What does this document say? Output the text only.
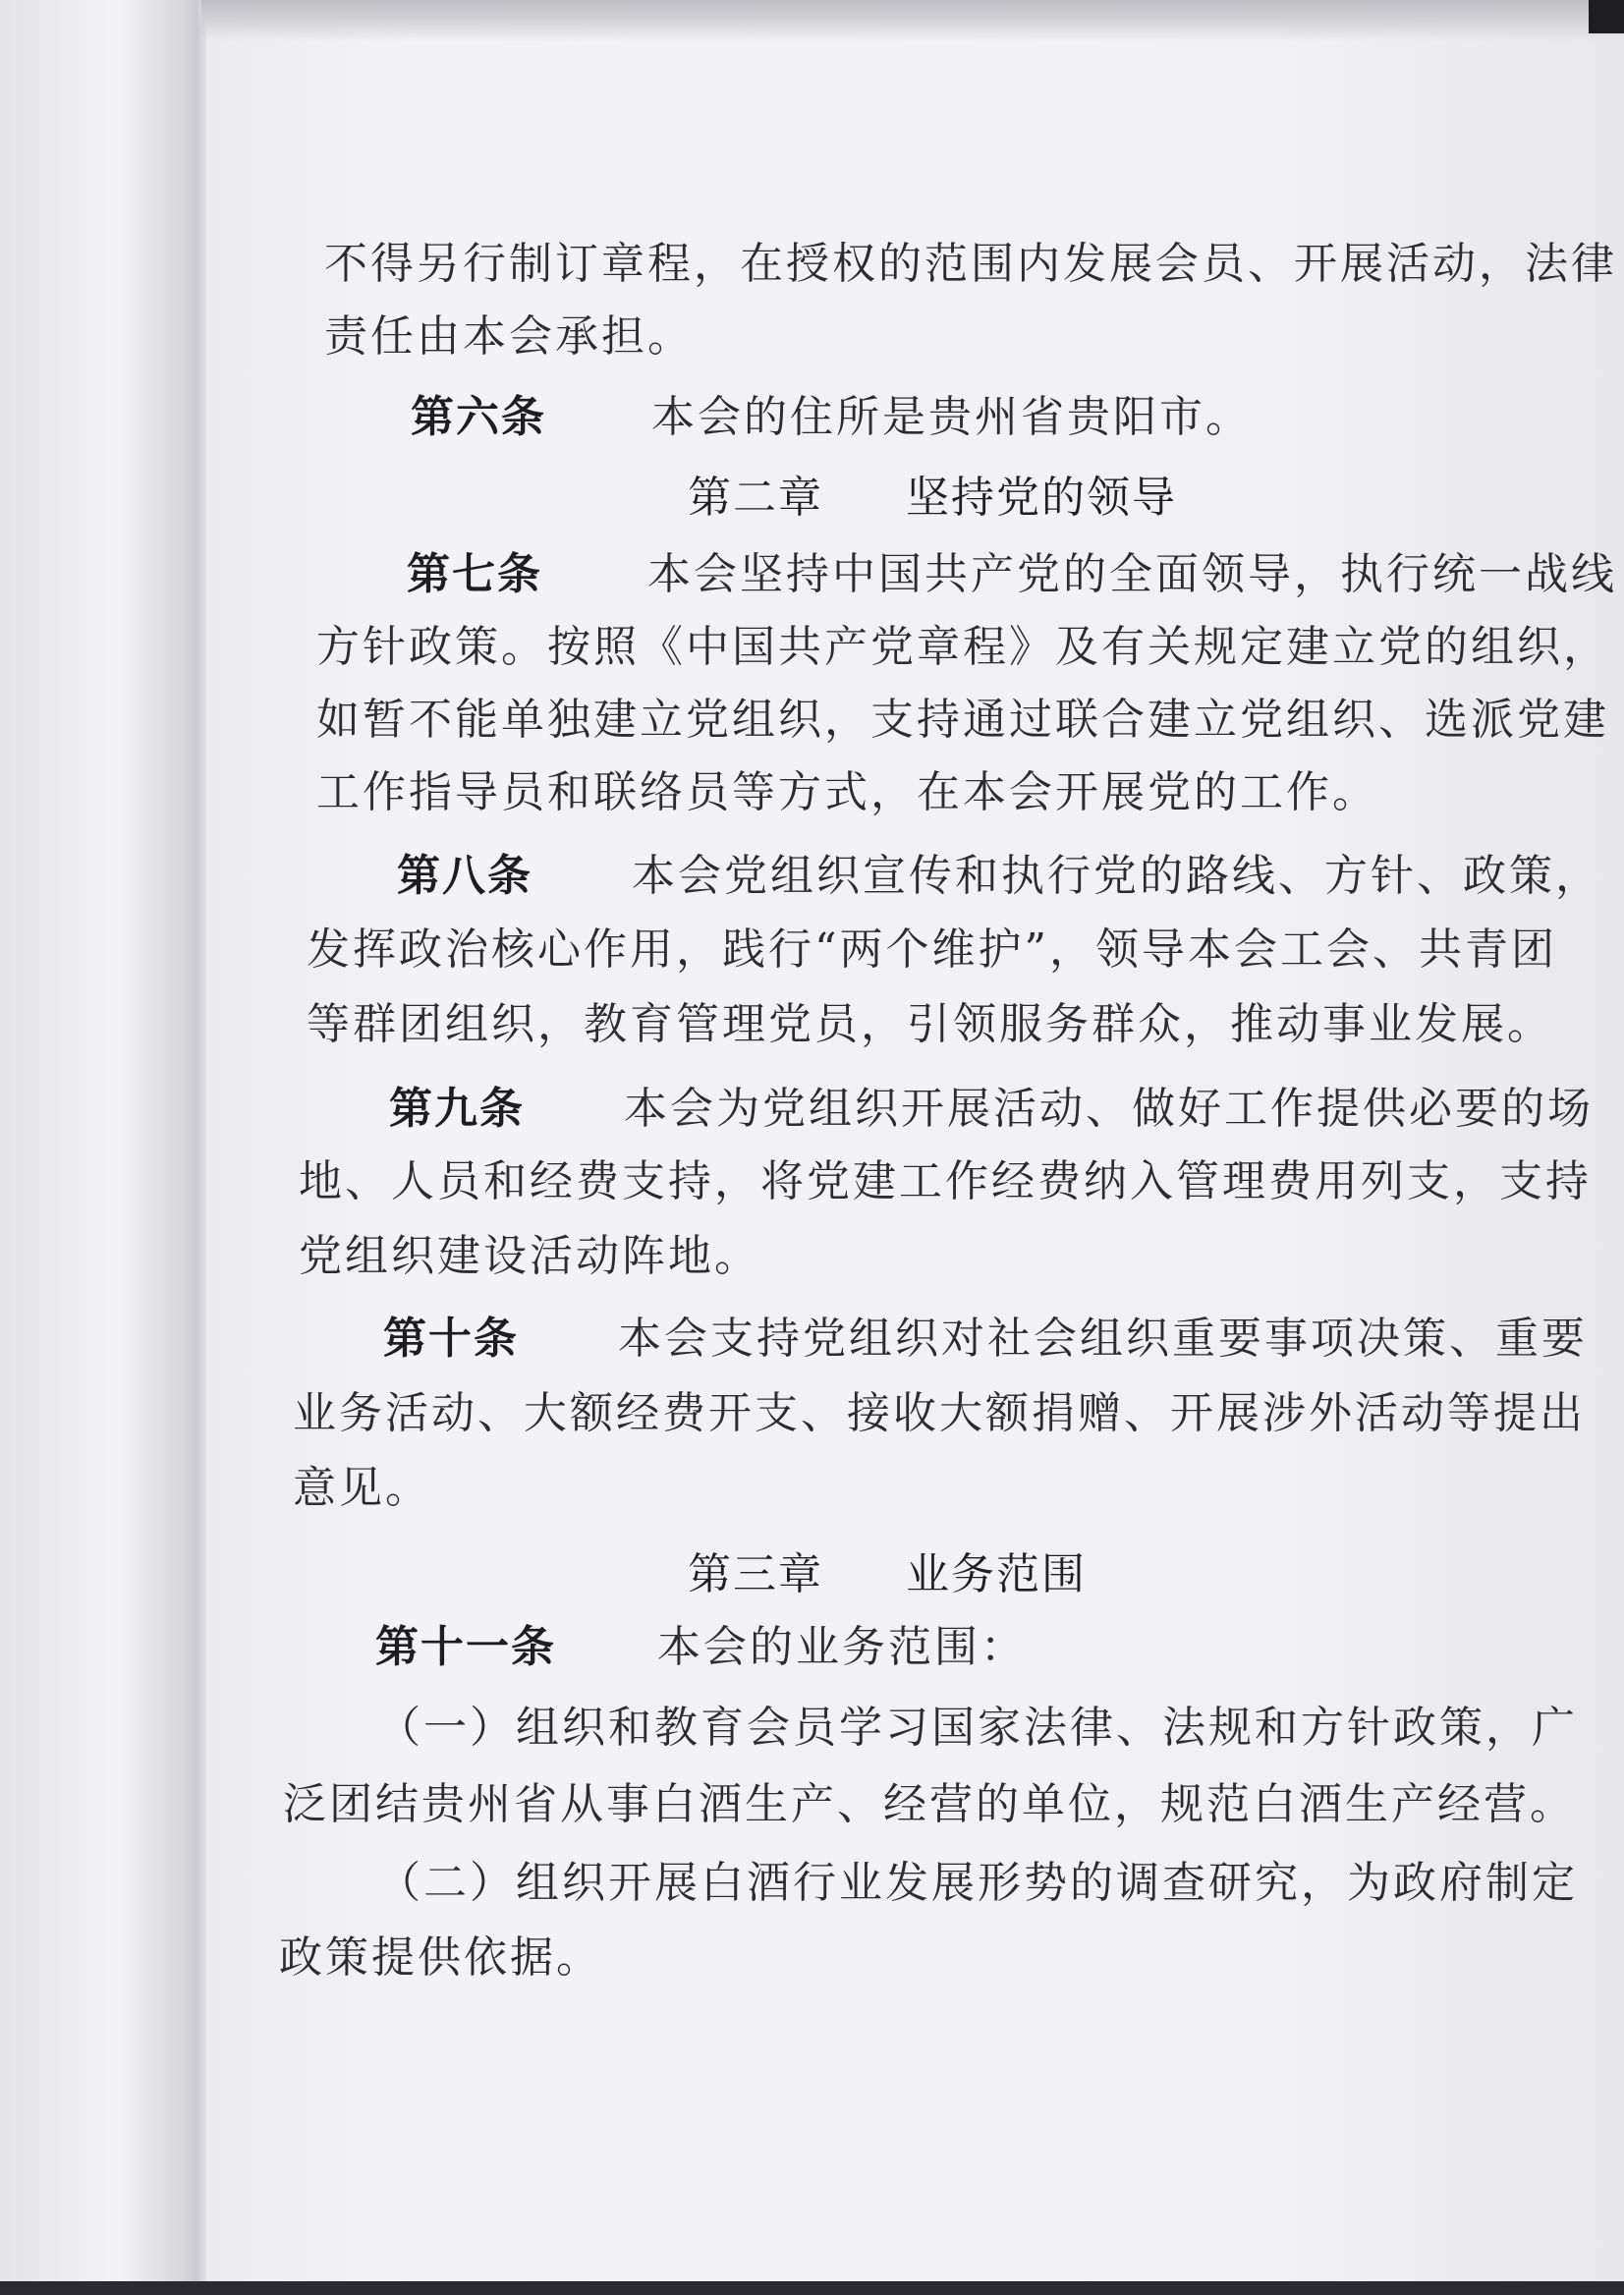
不得另行制订章程，在授权的范围内发展会员、开展活动，法律
责任由本会承担。
第六条 本会的住所是贵州省贵阳市。
第二章 坚持党的领导
第七条 本会坚持中国共产党的全面领导，执行统一战线
方针政策。按照《中国共产党章程》及有关规定建立党的组织，
如暂不能单独建立党组织，支持通过联合建立党组织、选派党建
工作指导员和联络员等方式，在本会开展党的工作。
第八条 本会党组织宣传和执行党的路线、方针、政策，
发挥政治核心作用，践行“两个维护”，领导本会工会、共青团
等群团组织，教育管理党员，引领服务群众，推动事业发展。
第九条 本会为党组织开展活动、做好工作提供必要的场
地、人员和经费支持，将党建工作经费纳入管理费用列支，支持
党组织建设活动阵地。
第十条 本会支持党组织对社会组织重要事项决策、重要
业务活动、大额经费开支、接收大额捐赠、开展涉外活动等提出
意见。
第三章 业务范围
第十一条 本会的业务范围：
（一）组织和教育会员学习国家法律、法规和方针政策，广
泛团结贵州省从事白酒生产、经营的单位，规范白酒生产经营。
（二）组织开展白酒行业发展形势的调查研究，为政府制定
政策提供依据。
